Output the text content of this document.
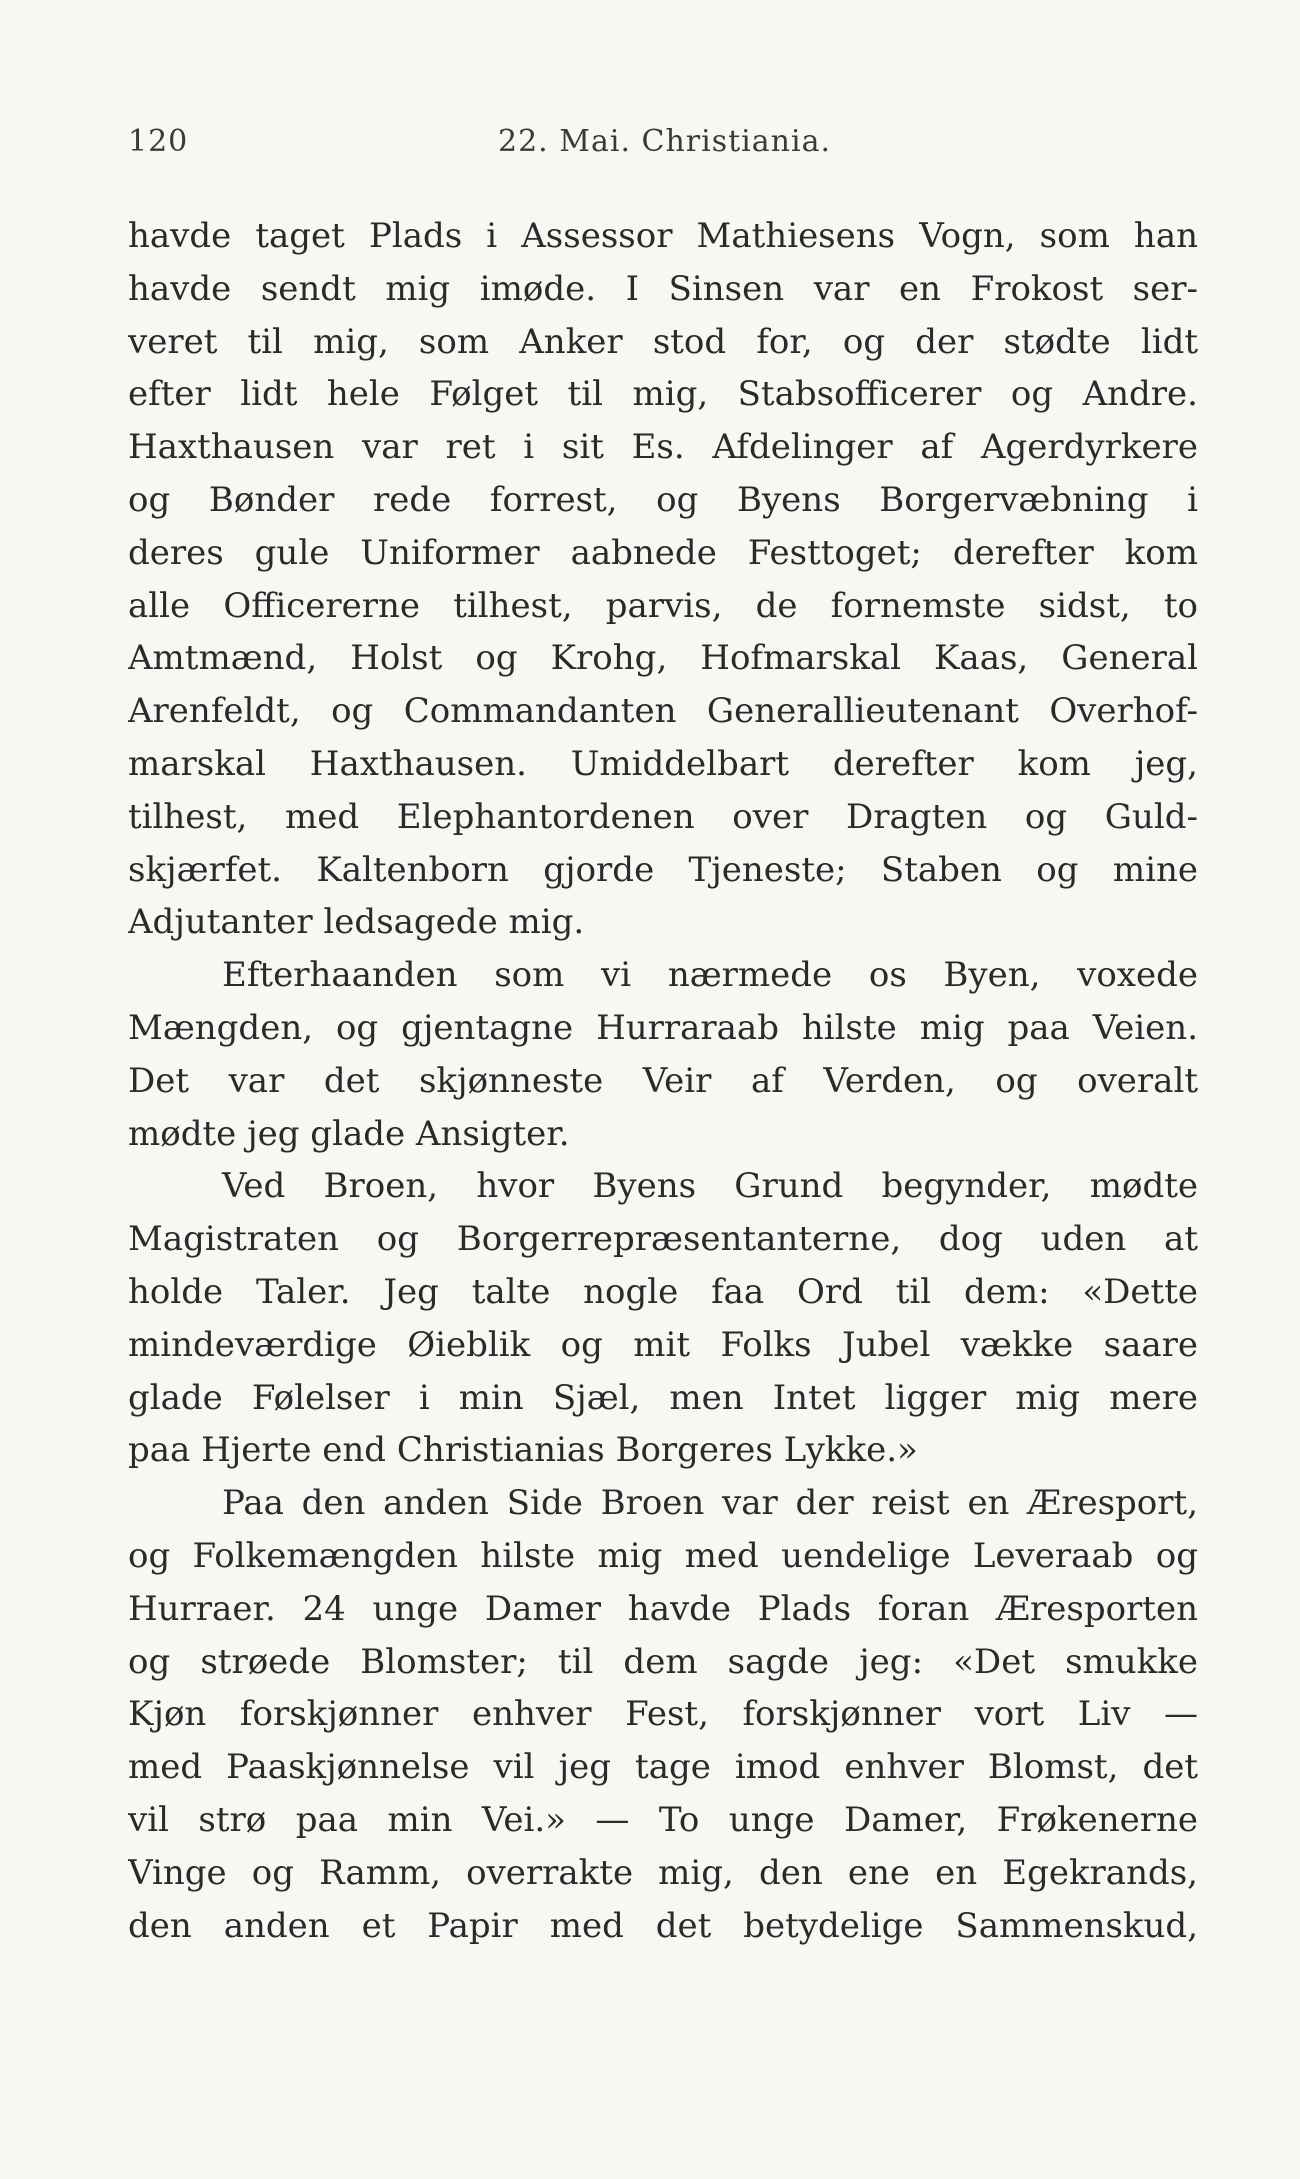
120	22. Mai. Christiania.
havde taget Plads i Assessor Mathiesens Vogn, som han
havde sendt mig imøde. I Sinsen var en Frokost ser-
veret til mig, som Anker stod for, og der stødte lidt
efter lidt hele Følget til mig, Stabsofficerer og Andre.
Haxthausen var ret i sit Es. Afdelinger af Agerdyrkere
og Bønder rede forrest, og Byens Borgervæbning i
deres gule Uniformer aabnede Festtoget; derefter kom
alle Officererne tilhest, parvis, de fornemste sidst, to
Amtmænd, Holst og Krohg, Hofmarskal Kaas, General
Arenfeldt, og Commandanten Generallieutenant Overhof-
marskal Haxthausen. Umiddelbart derefter kom jeg,
tilhest, med Elephantordenen over Dragten og Guld-
skjærfet. Kaltenborn gjorde Tjeneste; Staben og mine
Adjutanter ledsagede mig.
Efterhaanden som vi nærmede os Byen, voxede
Mængden, og gjentagne Hurraraab hilste mig paa Veien.
Det var det skjønneste Veir af Verden, og overalt
mødte jeg glade Ansigter.
Ved Broen, hvor Byens Grund begynder, mødte
Magistraten og Borgerrepræsentanterne, dog uden at
holde Taler. Jeg talte nogle faa Ord til dem: «Dette
mindeværdige Øieblik og mit Folks Jubel vække saare
glade Følelser i min Sjæl, men Intet ligger mig mere
paa Hjerte end Christianias Borgeres Lykke.»
Paa den anden Side Broen var der reist en Æresport,
og Folkemængden hilste mig med uendelige Leveraab og
Hurraer. 24 unge Damer havde Plads foran Æresporten
og strøede Blomster; til dem sagde jeg: «Det smukke
Kjøn forskjønner enhver Fest, forskjønner vort Liv —
med Paaskjønnelse vil jeg tage imod enhver Blomst, det
vil strø paa min Vei.» — To unge Damer, Frøkenerne
Vinge og Ramm, overrakte mig, den ene en Egekrands,
den anden et Papir med det betydelige Sammenskud,
